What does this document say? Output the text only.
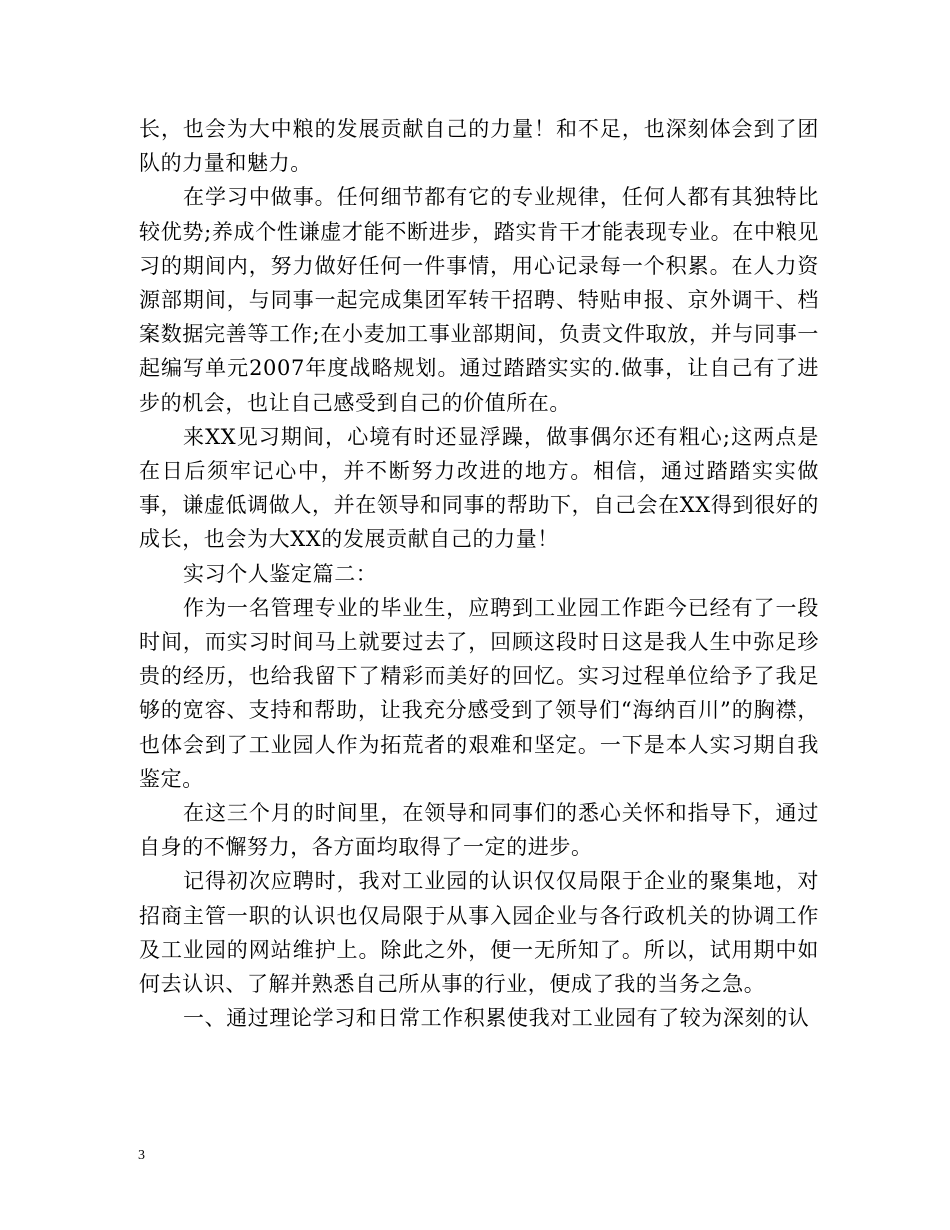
长，也会为大中粮的发展贡献自己的力量！和不足，也深刻体会到了团队的力量和魅力。

在学习中做事。任何细节都有它的专业规律，任何人都有其独特比较优势;养成个性谦虚才能不断进步，踏实肯干才能表现专业。在中粮见习的期间内，努力做好任何一件事情，用心记录每一个积累。在人力资源部期间，与同事一起完成集团军转干招聘、特贴申报、京外调干、档案数据完善等工作;在小麦加工事业部期间，负责文件取放，并与同事一起编写单元2007年度战略规划。通过踏踏实实的.做事，让自己有了进步的机会，也让自己感受到自己的价值所在。

来XX见习期间，心境有时还显浮躁，做事偶尔还有粗心;这两点是在日后须牢记心中，并不断努力改进的地方。相信，通过踏踏实实做事，谦虚低调做人，并在领导和同事的帮助下，自己会在XX得到很好的成长，也会为大XX的发展贡献自己的力量！

实习个人鉴定篇二：

作为一名管理专业的毕业生，应聘到工业园工作距今已经有了一段时间，而实习时间马上就要过去了，回顾这段时日这是我人生中弥足珍贵的经历，也给我留下了精彩而美好的回忆。实习过程单位给予了我足够的宽容、支持和帮助，让我充分感受到了领导们“海纳百川”的胸襟，也体会到了工业园人作为拓荒者的艰难和坚定。一下是本人实习期自我鉴定。

在这三个月的时间里，在领导和同事们的悉心关怀和指导下，通过自身的不懈努力，各方面均取得了一定的进步。

记得初次应聘时，我对工业园的认识仅仅局限于企业的聚集地，对招商主管一职的认识也仅局限于从事入园企业与各行政机关的协调工作及工业园的网站维护上。除此之外，便一无所知了。所以，试用期中如何去认识、了解并熟悉自己所从事的行业，便成了我的当务之急。

一、通过理论学习和日常工作积累使我对工业园有了较为深刻的认

3
